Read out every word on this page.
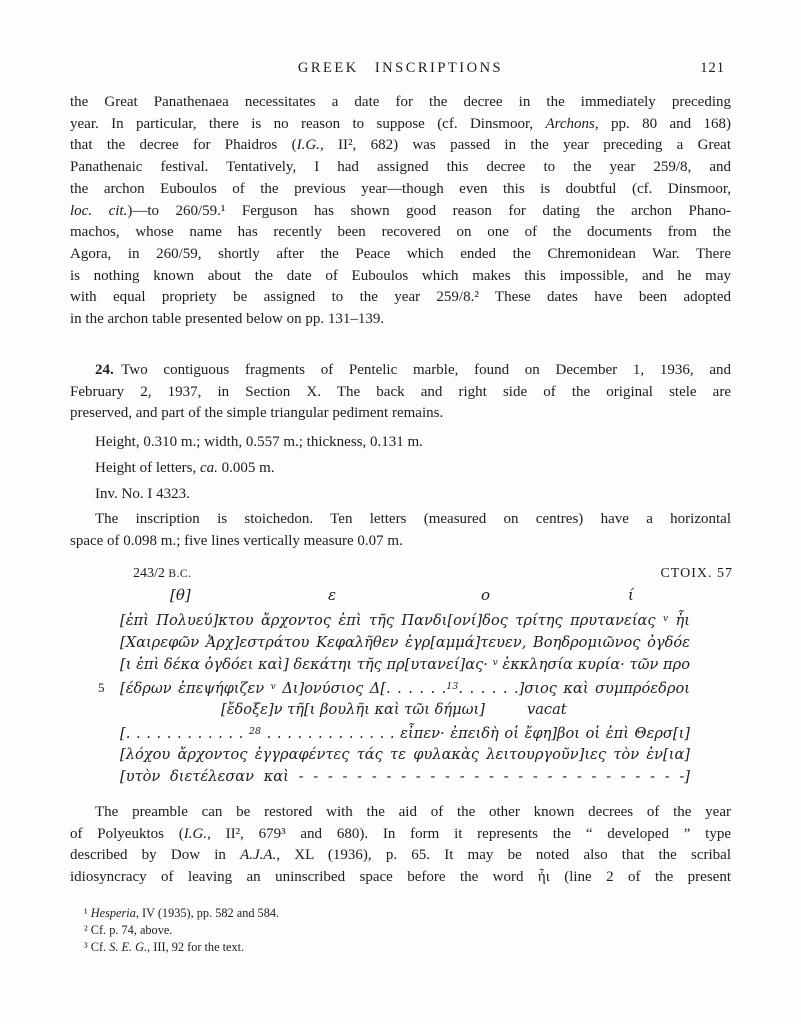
GREEK INSCRIPTIONS	121
the Great Panathenaea necessitates a date for the decree in the immediately preceding
year. In particular, there is no reason to suppose (cf. Dinsmoor, Archons, pp. 80 and 168)
that the decree for Phaidros (I.G., II², 682) was passed in the year preceding a Great
Panathenaic festival. Tentatively, I had assigned this decree to the year 259/8, and
the archon Euboulos of the previous year—though even this is doubtful (cf. Dinsmoor,
loc. cit.)—to 260/59.¹ Ferguson has shown good reason for dating the archon Phano-
machos, whose name has recently been recovered on one of the documents from the
Agora, in 260/59, shortly after the Peace which ended the Chremonidean War. There
is nothing known about the date of Euboulos which makes this impossible, and he may
with equal propriety be assigned to the year 259/8.² These dates have been adopted
in the archon table presented below on pp. 131–139.
24. Two contiguous fragments of Pentelic marble, found on December 1, 1936, and
February 2, 1937, in Section X. The back and right side of the original stele are
preserved, and part of the simple triangular pediment remains.
Height, 0.310 m.; width, 0.557 m.; thickness, 0.131 m.
Height of letters, ca. 0.005 m.
Inv. No. I 4323.
The inscription is stoichedon. Ten letters (measured on centres) have a horizontal
space of 0.098 m.; five lines vertically measure 0.07 m.
243/2 B.C.	CTOIX. 57
[θ]	ε	ο	ί
[ἐπὶ Πολυεύ]κτου ἄρχοντος ἐπὶ τῆς Πανδι[ονί]δος τρίτης πρυτανείας $^v$ ἧι
[Χαιρεφῶν Ἀρχ]εστράτου Κεφαλῆθεν ἐγρ[αμμά]τευεν, Βοηδρομιῶνος ὀγδόε
[ι ἐπὶ δέκα ὀγδόει καὶ] δεκάτηι τῆς πρ[υτανεί]ας· $^v$ ἐκκλησία κυρία· τῶν προ
5 [έδρων ἐπεψήφιζεν $^v$ Δι]ονύσιος Δ[. . . . . .$^{13}$. . . . . .]σιος καὶ συμπρόεδροι
[ἔδοξε]ν τῆ[ι βουλῆι καὶ τῶι δήμωι]	vacat
[. . . . . . . . . . . . $^{28}$ . . . . . . . . . . . . . εἶπεν· ἐπειδὴ οἱ ἔφη]βοι οἱ ἐπὶ Θερσ[ι]
[λόχου ἄρχοντος ἐγγραφέντες τάς τε φυλακὰς λειτουργοῦν]ιες τὸν ἐν[ια]
[υτὸν διετέλεσαν καὶ - - - - - - - - - - - - - - - - - - - - - - - - - - -]
The preamble can be restored with the aid of the other known decrees of the year
of Polyeuktos (I.G., II², 679³ and 680). In form it represents the “ developed ” type
described by Dow in A.J.A., XL (1936), p. 65. It may be noted also that the scribal
idiosyncracy of leaving an uninscribed space before the word ἧι (line 2 of the present
¹ Hesperia, IV (1935), pp. 582 and 584.
² Cf. p. 74, above.
³ Cf. S. E. G., III, 92 for the text.
